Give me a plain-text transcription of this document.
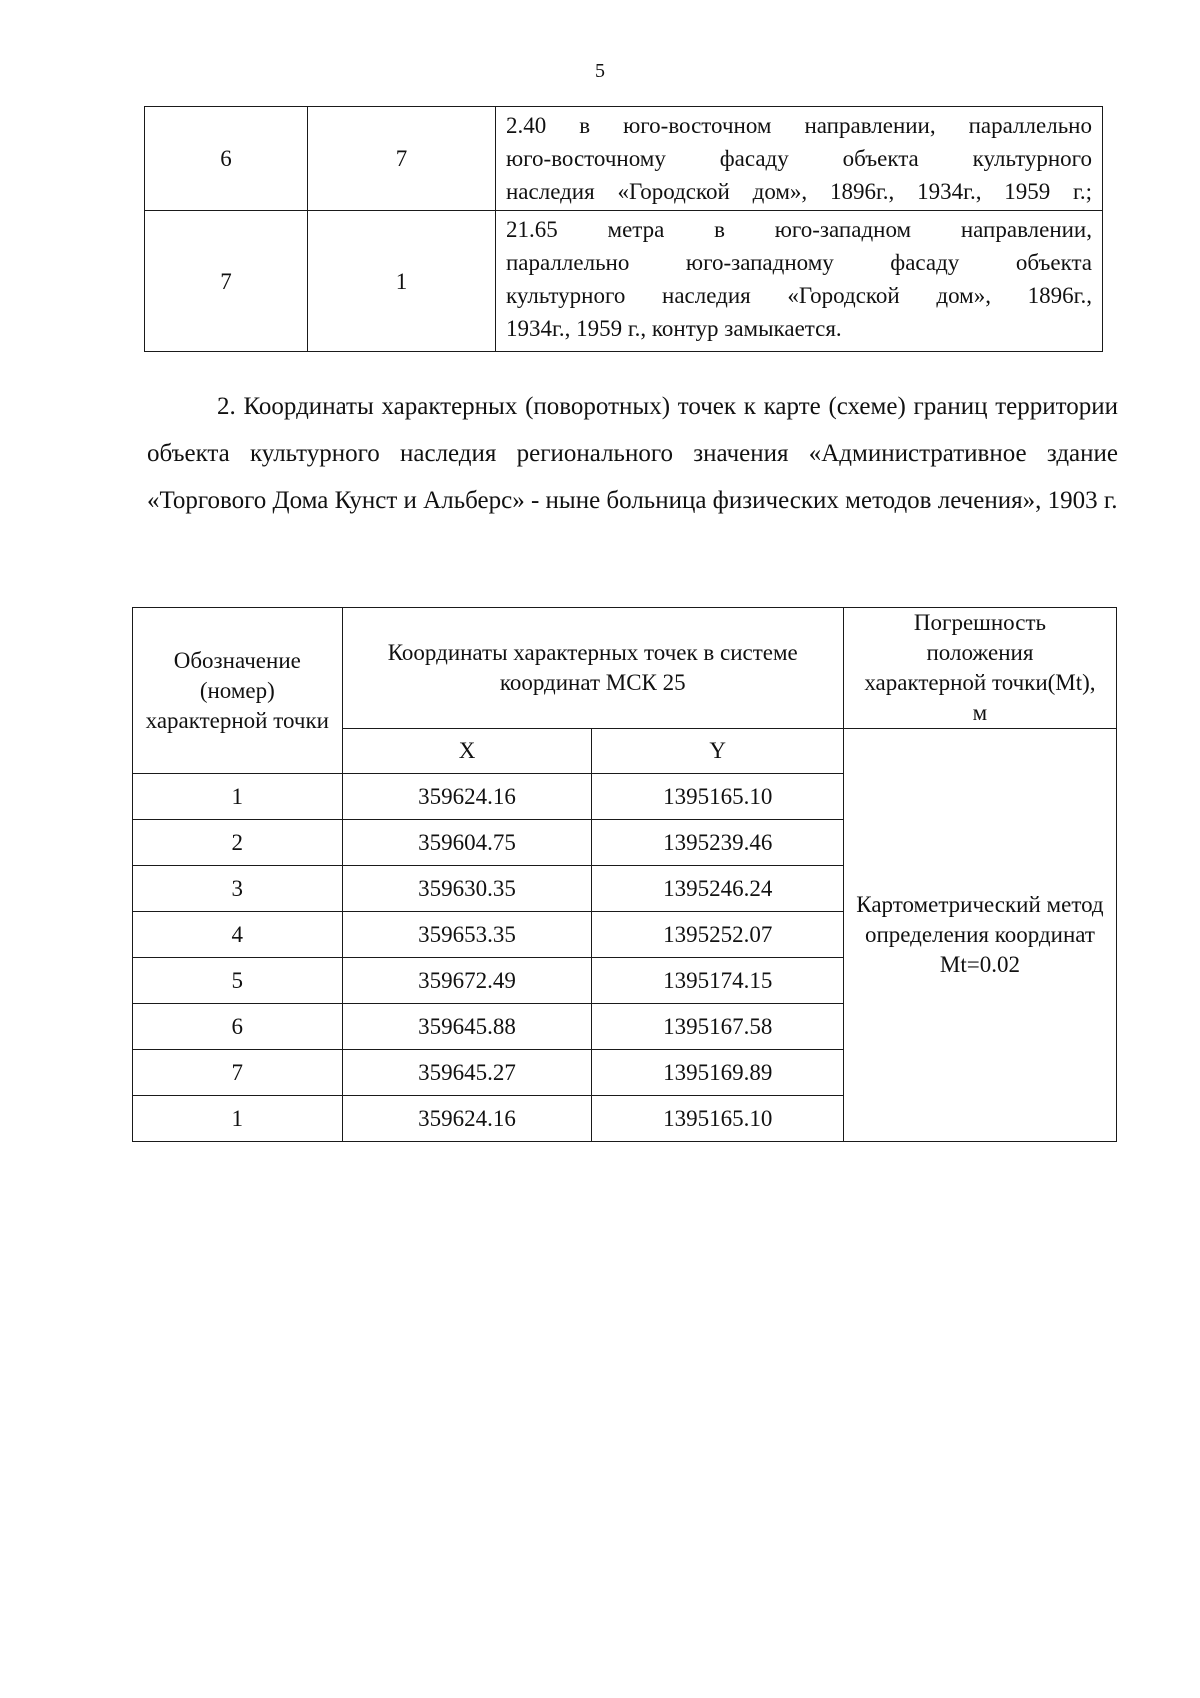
5
6	7	2.40 в юго-восточном направлении, параллельно
юго-восточному фасаду объекта культурного
наследия «Городской дом», 1896г., 1934г., 1959 г.;

7	1	21.65 метра в юго-западном направлении,
параллельно юго-западному фасаду объекта
культурного наследия «Городской дом», 1896г.,
1934г., 1959 г., контур замыкается.

2. Координаты характерных (поворотных) точек к карте (схеме) границ территории объекта культурного наследия регионального значения «Административное здание «Торгового Дома Кунст и Альберс» - ныне больница физических методов лечения», 1903 г.

Обозначение (номер) характерной точки	Координаты характерных точек в системе координат МСК 25		Погрешность положения характерной точки(Mt), м
	X	Y	Картометрический метод определения координат Mt=0.02
1	359624.16	1395165.10	
2	359604.75	1395239.46	
3	359630.35	1395246.24	
4	359653.35	1395252.07	
5	359672.49	1395174.15	
6	359645.88	1395167.58	
7	359645.27	1395169.89	
1	359624.16	1395165.10	
